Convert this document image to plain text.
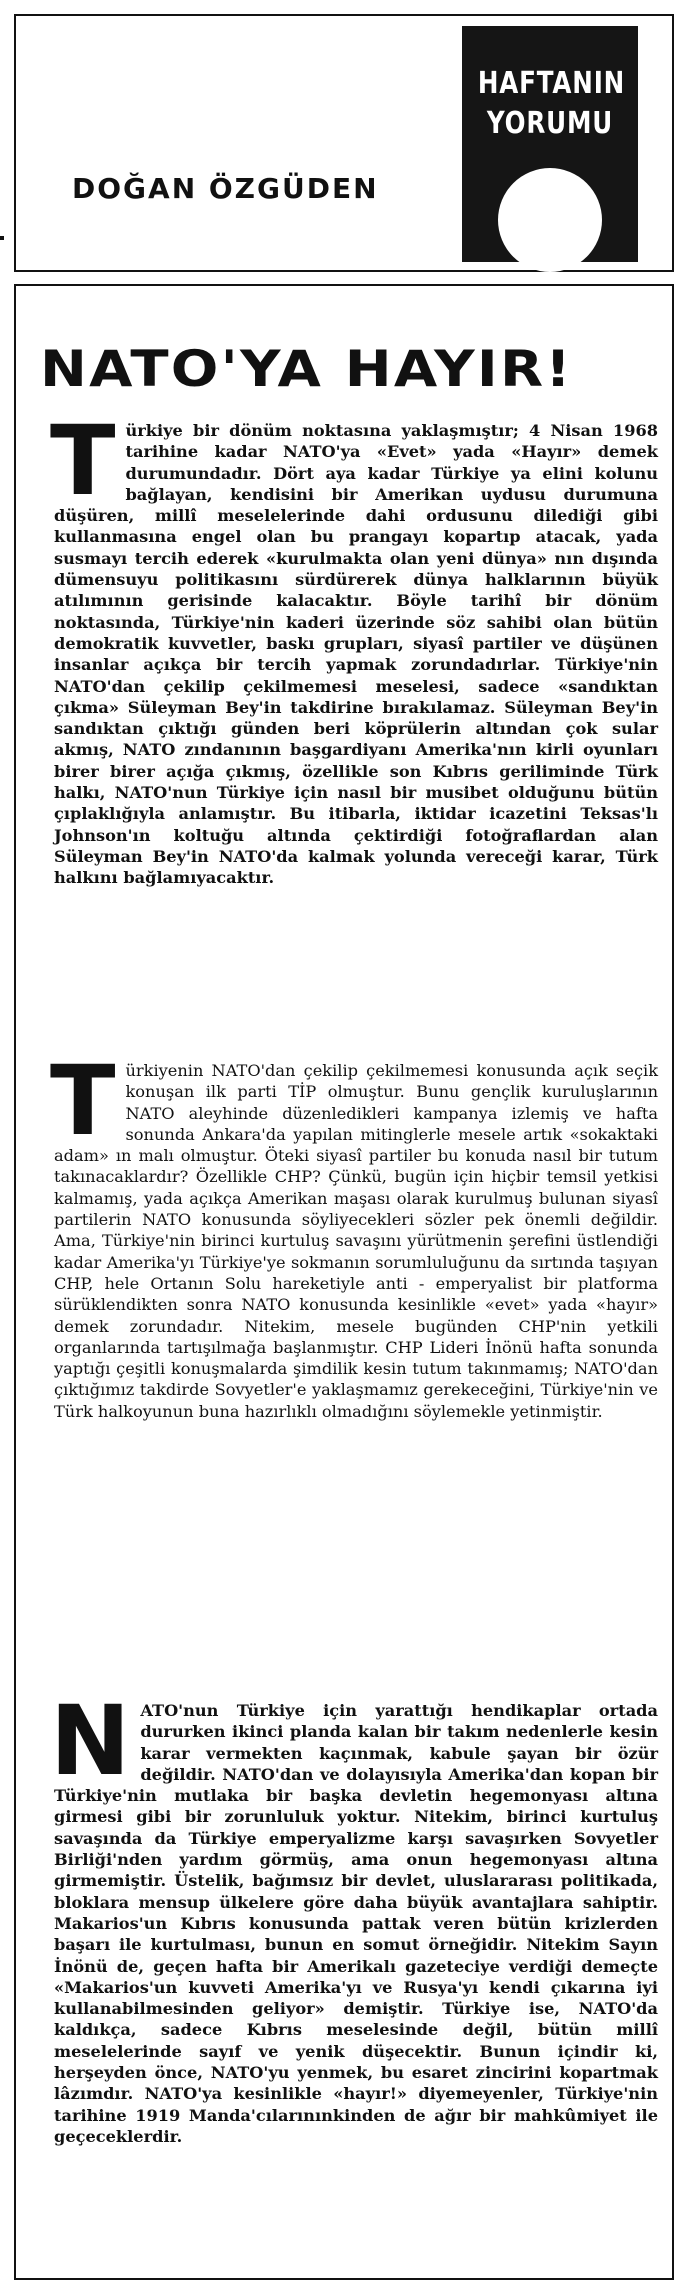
DOĞAN ÖZGÜDEN
HAFTANIN
YORUMU
NATO'YA HAYIR!
Türkiye bir dönüm noktasına yaklaşmıştır; 4 Nisan 1968 tarihine kadar NATO'ya «Evet» yada «Hayır» demek durumundadır. Dört aya kadar Türkiye ya elini kolunu bağlayan, kendisini bir Amerikan uydusu durumuna düşüren, millî meselelerinde dahi ordusunu dilediği gibi kullanmasına engel olan bu prangayı kopartıp atacak, yada susmayı tercih ederek «kurulmakta olan yeni dünya» nın dışında dümensuyu politikasını sürdürerek dünya halklarının büyük atılımının gerisinde kalacaktır. Böyle tarihî bir dönüm noktasında, Türkiye'nin kaderi üzerinde söz sahibi olan bütün demokratik kuvvetler, baskı grupları, siyasî partiler ve düşünen insanlar açıkça bir tercih yapmak zorundadırlar. Türkiye'nin NATO'dan çekilip çekilmemesi meselesi, sadece «sandıktan çıkma» Süleyman Bey'in takdirine bırakılamaz. Süleyman Bey'in sandıktan çıktığı günden beri köprülerin altından çok sular akmış, NATO zındanının başgardiyanı Amerika'nın kirli oyunları birer birer açığa çıkmış, özellikle son Kıbrıs geriliminde Türk halkı, NATO'nun Türkiye için nasıl bir musibet olduğunu bütün çıplaklığıyla anlamıştır. Bu itibarla, iktidar icazetini Teksas'lı Johnson'ın koltuğu altında çektirdiği fotoğraflardan alan Süleyman Bey'in NATO'da kalmak yolunda vereceği karar, Türk halkını bağlamıyacaktır.
Türkiyenin NATO'dan çekilip çekilmemesi konusunda açık seçik konuşan ilk parti TİP olmuştur. Bunu gençlik kuruluşlarının NATO aleyhinde düzenledikleri kampanya izlemiş ve hafta sonunda Ankara'da yapılan mitinglerle mesele artık «sokaktaki adam» ın malı olmuştur. Öteki siyasî partiler bu konuda nasıl bir tutum takınacaklardır? Özellikle CHP? Çünkü, bugün için hiçbir temsil yetkisi kalmamış, yada açıkça Amerikan maşası olarak kurulmuş bulunan siyasî partilerin NATO konusunda söyliyecekleri sözler pek önemli değildir. Ama, Türkiye'nin birinci kurtuluş savaşını yürütmenin şerefini üstlendiği kadar Amerika'yı Türkiye'ye sokmanın sorumluluğunu da sırtında taşıyan CHP, hele Ortanın Solu hareketiyle anti - emperyalist bir platforma sürüklendikten sonra NATO konusunda kesinlikle «evet» yada «hayır» demek zorundadır. Nitekim, mesele bugünden CHP'nin yetkili organlarında tartışılmağa başlanmıştır. CHP Lideri İnönü hafta sonunda yaptığı çeşitli konuşmalarda şimdilik kesin tutum takınmamış; NATO'dan çıktığımız takdirde Sovyetler'e yaklaşmamız gerekeceğini, Türkiye'nin ve Türk halkoyunun buna hazırlıklı olmadığını söylemekle yetinmiştir.
NATO'nun Türkiye için yarattığı hendikaplar ortada dururken ikinci planda kalan bir takım nedenlerle kesin karar vermekten kaçınmak, kabule şayan bir özür değildir. NATO'dan ve dolayısıyla Amerika'dan kopan bir Türkiye'nin mutlaka bir başka devletin hegemonyası altına girmesi gibi bir zorunluluk yoktur. Nitekim, birinci kurtuluş savaşında da Türkiye emperyalizme karşı savaşırken Sovyetler Birliği'nden yardım görmüş, ama onun hegemonyası altına girmemiştir. Üstelik, bağımsız bir devlet, uluslararası politikada, bloklara mensup ülkelere göre daha büyük avantajlara sahiptir. Makarios'un Kıbrıs konusunda pattak veren bütün krizlerden başarı ile kurtulması, bunun en somut örneğidir. Nitekim Sayın İnönü de, geçen hafta bir Amerikalı gazeteciye verdiği demeçte «Makarios'un kuvveti Amerika'yı ve Rusya'yı kendi çıkarına iyi kullanabilmesinden geliyor» demiştir. Türkiye ise, NATO'da kaldıkça, sadece Kıbrıs meselesinde değil, bütün millî meselelerinde sayıf ve yenik düşecektir. Bunun içindir ki, herşeyden önce, NATO'yu yenmek, bu esaret zincirini kopartmak lâzımdır. NATO'ya kesinlikle «hayır!» diyemeyenler, Türkiye'nin tarihine 1919 Manda'cılarınınkinden de ağır bir mahkûmiyet ile geçeceklerdir.
